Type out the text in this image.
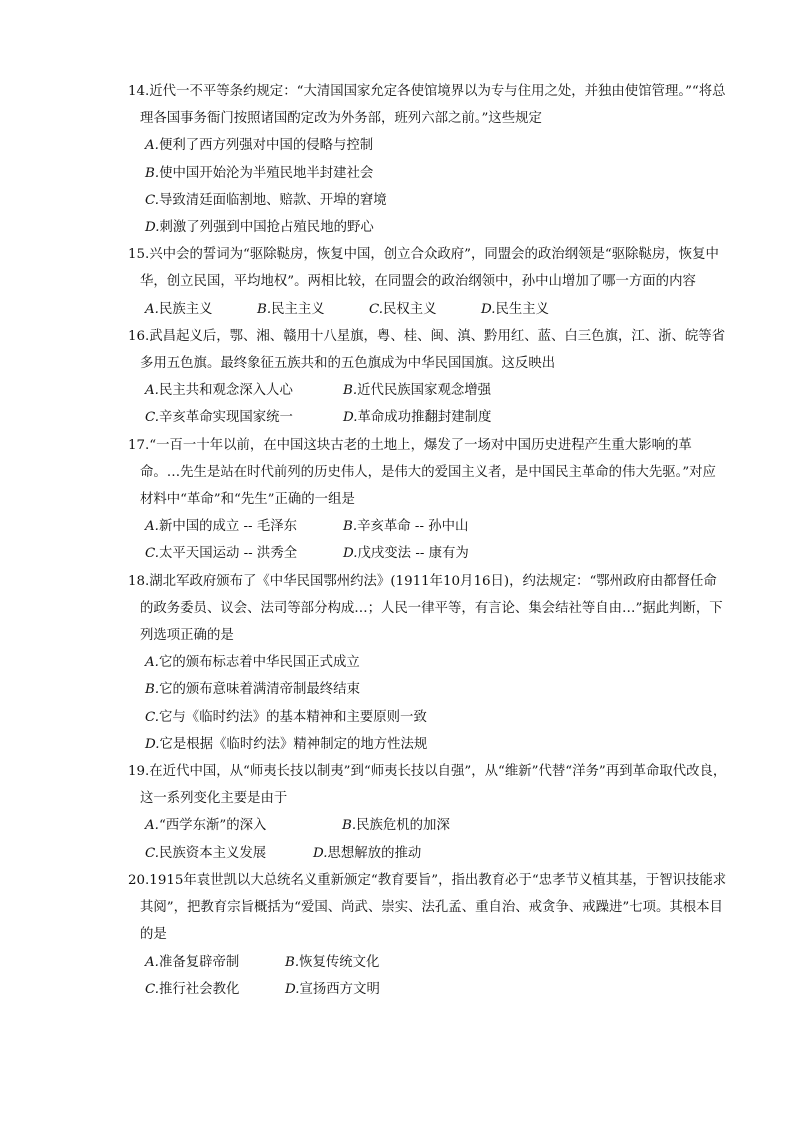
14.近代一不平等条约规定：“大清国国家允定各使馆境界以为专与住用之处，并独由使馆管理。”“将总理各国事务衙门按照诸国酌定改为外务部，班列六部之前。”这些规定

A.便利了西方列强对中国的侵略与控制
B.使中国开始沦为半殖民地半封建社会
C.导致清廷面临割地、赔款、开埠的窘境
D.刺激了列强到中国抢占殖民地的野心

15.兴中会的誓词为“驱除鞑房，恢复中国，创立合众政府”，同盟会的政治纲领是“驱除鞑房，恢复中华，创立民国，平均地权”。两相比较，在同盟会的政治纲领中，孙中山增加了哪一方面的内容

A.民族主义	B.民主主义	C.民权主义	D.民生主义

16.武昌起义后，鄂、湘、赣用十八星旗，粤、桂、闽、滇、黔用红、蓝、白三色旗，江、浙、皖等省多用五色旗。最终象征五族共和的五色旗成为中华民国国旗。这反映出

A.民主共和观念深入人心	B.近代民族国家观念增强
C.辛亥革命实现国家统一	D.革命成功推翻封建制度

17.“一百一十年以前，在中国这块古老的土地上，爆发了一场对中国历史进程产生重大影响的革命。…先生是站在时代前列的历史伟人，是伟大的爱国主义者，是中国民主革命的伟大先驱。”对应材料中“革命”和“先生”正确的一组是

A.新中国的成立 -- 毛泽东	B.辛亥革命 -- 孙中山
C.太平天国运动 -- 洪秀全	D.戊戌变法 -- 康有为

18.湖北军政府颁布了《中华民国鄂州约法》(1911年10月16日)，约法规定：“鄂州政府由都督任命的政务委员、议会、法司等部分构成…；人民一律平等，有言论、集会结社等自由…”据此判断，下列选项正确的是

A.它的颁布标志着中华民国正式成立
B.它的颁布意味着满清帝制最终结束
C.它与《临时约法》的基本精神和主要原则一致
D.它是根据《临时约法》精神制定的地方性法规

19.在近代中国，从“师夷长技以制夷”到“师夷长技以自强”，从“维新”代替“洋务”再到革命取代改良，这一系列变化主要是由于

A.“西学东渐”的深入	B.民族危机的加深
C.民族资本主义发展	D.思想解放的推动

20.1915年袁世凯以大总统名义重新颁定“教育要旨”，指出教育必于“忠孝节义植其基，于智识技能求其阅”，把教育宗旨概括为“爱国、尚武、崇实、法孔孟、重自治、戒贪争、戒躁进”七项。其根本目的是

A.准备复辟帝制	B.恢复传统文化
C.推行社会教化	D.宣扬西方文明
